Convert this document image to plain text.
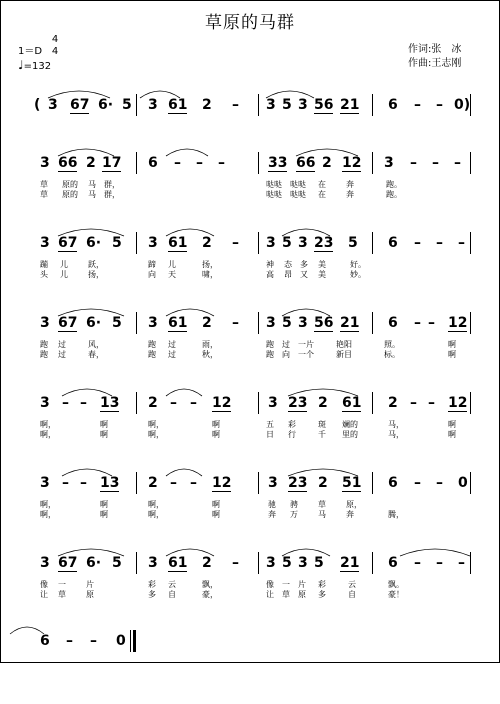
草原的马群
1＝D
4
4
♩=132
作词:张　冰
作曲:王志刚
( 3 67 6· 5 3 61 2 – 3 5 3 56 21 6 – – 0)
3 66 2 17 6 – – –	33 66 2 12 3 – – –
草 原的 马 群，	哒哒 哒哒 在	奔	跑。
草 原的 马 群，	哒哒 哒哒 在	奔	跑。
3 67 6· 5 3 61 2 – 3 5 3 23 5 6 – – –
蹦 儿	跃，	蹄 儿	扬，	神 态 多 美	好。
头 儿	扬，	向 天	啸，	高 昂 又 美	妙。
3 67 6· 5 3 61 2 – 3 5 3 56 21 6 – – 12
跑 过	风，	跑 过	雨，	跑 过 一片	艳阳	照。	啊
跑 过	春，	跑 过	秋，	跑 向 一个	新目	标。	啊
3 – – 13 2 – – 12	3 23 2 61 2 – – 12
啊，	啊	啊，	啊	五 彩	斑 斓的	马，	啊
啊，	啊	啊，	啊	日 行	千 里的	马，	啊
3 – – 13 2 – – 12	3 23 2 51 6 – – 0
啊，	啊	啊，	啊	驰 骋	草	原，
啊，	啊	啊，	啊	奔 万	马	奔	腾，
3 67 6· 5 3 61 2 – 3 5 3 5 21 6 – – –
像 一	片	彩 云	飘，	像 一 片 彩	云	飘。
让 草	原	多 自	豪，	让 草 原 多	自	豪！
6 – – 0
